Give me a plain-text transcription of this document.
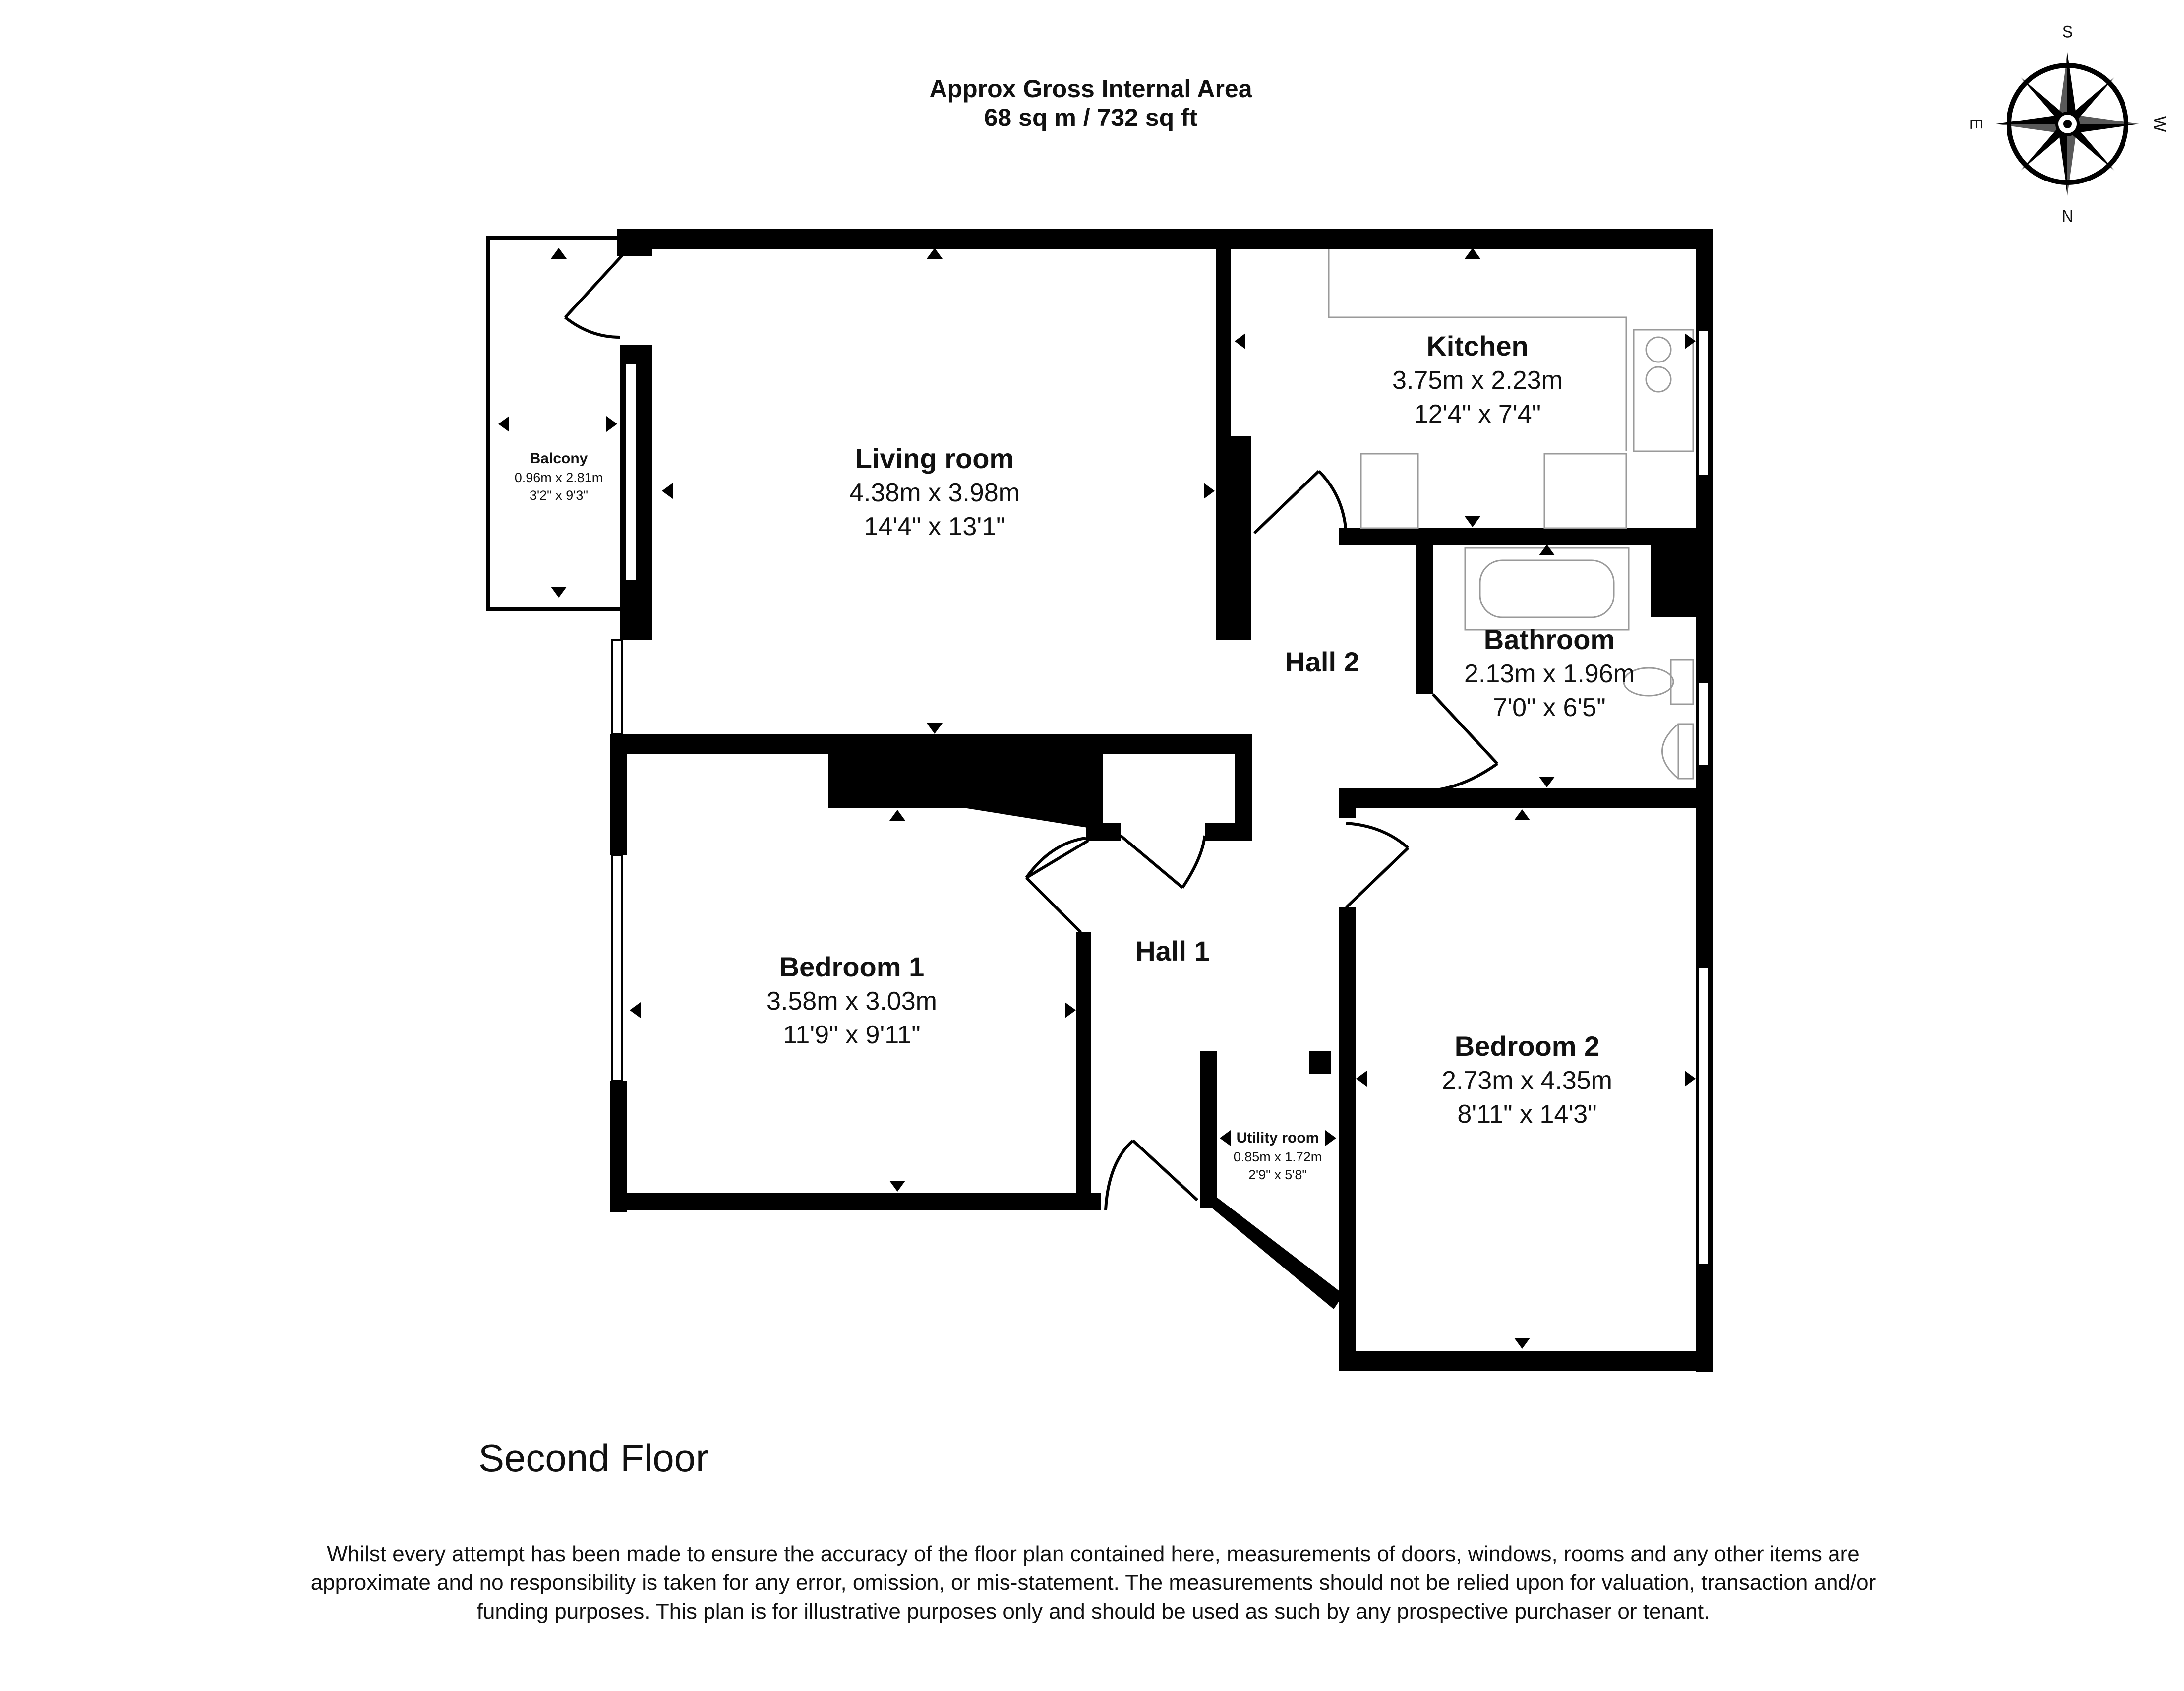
Approx Gross Internal Area
68 sq m / 732 sq ft
Living room
4.38m x 3.98m
14'4" x 13'1"
Kitchen
3.75m x 2.23m
12'4" x 7'4"
Balcony
0.96m x 2.81m
3'2" x 9'3"
Bathroom
2.13m x 1.96m
7'0" x 6'5"
Hall 2
Hall 1
Bedroom 1
3.58m x 3.03m
11'9" x 9'11"	Bedroom 2
2.73m x 4.35m
8'11" x 14'3"
Utility room
0.85m x 1.72m
2'9" x 5'8"
S
N
E	W
Second Floor
Whilst every attempt has been made to ensure the accuracy of the floor plan contained here, measurements of doors, windows, rooms and any other items are approximate and no responsibility is taken for any error, omission, or mis-statement. The measurements should not be relied upon for valuation, transaction and/or funding purposes. This plan is for illustrative purposes only and should be used as such by any prospective purchaser or tenant.
